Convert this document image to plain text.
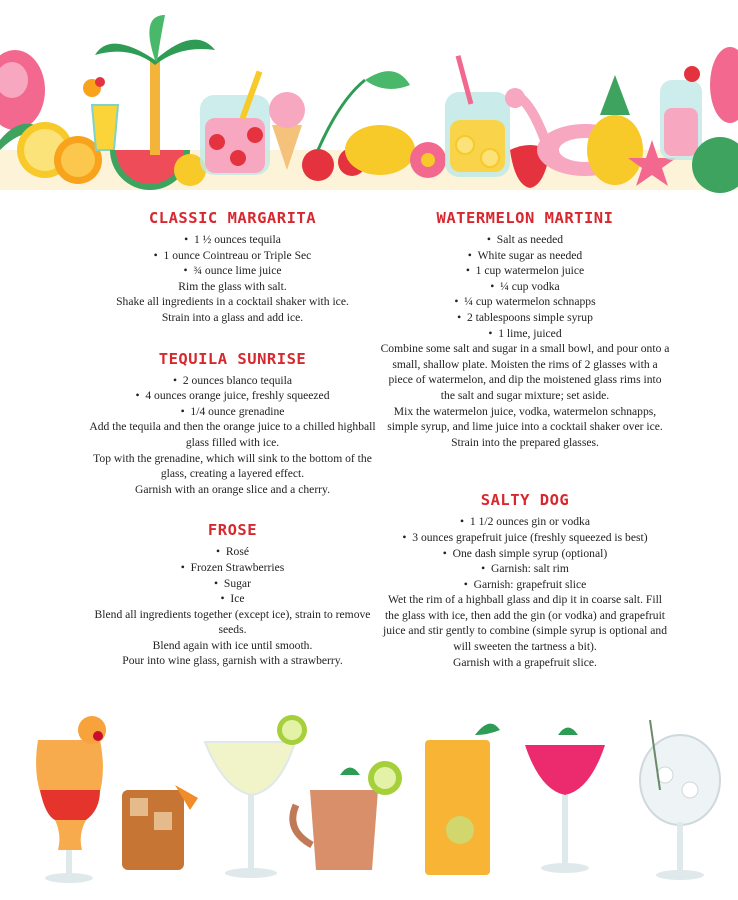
CLASSIC MARGARITA
•  1 ½ ounces tequila
•  1 ounce Cointreau or Triple Sec
•  ¾ ounce lime juice

Rim the glass with salt.

Shake all ingredients in a cocktail shaker with ice.

Strain into a glass and add ice.

TEQUILA SUNRISE
•  2 ounces blanco tequila
•  4 ounces orange juice, freshly squeezed
•  1/4 ounce grenadine

Add the tequila and then the orange juice to a chilled highball glass filled with ice.

Top with the grenadine, which will sink to the bottom of the glass, creating a layered effect.

Garnish with an orange slice and a cherry.

FROSE
•  Rosé
•  Frozen Strawberries
•  Sugar
•  Ice

Blend all ingredients together (except ice), strain to remove seeds.

Blend again with ice until smooth.

Pour into wine glass, garnish with a strawberry.

WATERMELON MARTINI
•  Salt as needed
•  White sugar as needed
•  1 cup watermelon juice
•  ¼ cup vodka
•  ¼ cup watermelon schnapps
•  2 tablespoons simple syrup
•  1 lime, juiced

Combine some salt and sugar in a small bowl, and pour onto a small, shallow plate. Moisten the rims of 2 glasses with a piece of watermelon, and dip the moistened glass rims into the salt and sugar mixture; set aside.

Mix the watermelon juice, vodka, watermelon schnapps, simple syrup, and lime juice into a cocktail shaker over ice.

Strain into the prepared glasses.

SALTY DOG
•  1 1/2 ounces gin or vodka
•  3 ounces grapefruit juice (freshly squeezed is best)
•  One dash simple syrup (optional)
•  Garnish: salt rim
•  Garnish: grapefruit slice

Wet the rim of a highball glass and dip it in coarse salt. Fill the glass with ice, then add the gin (or vodka) and grapefruit juice and stir gently to combine (simple syrup is optional and will sweeten the tartness a bit).

Garnish with a grapefruit slice.
